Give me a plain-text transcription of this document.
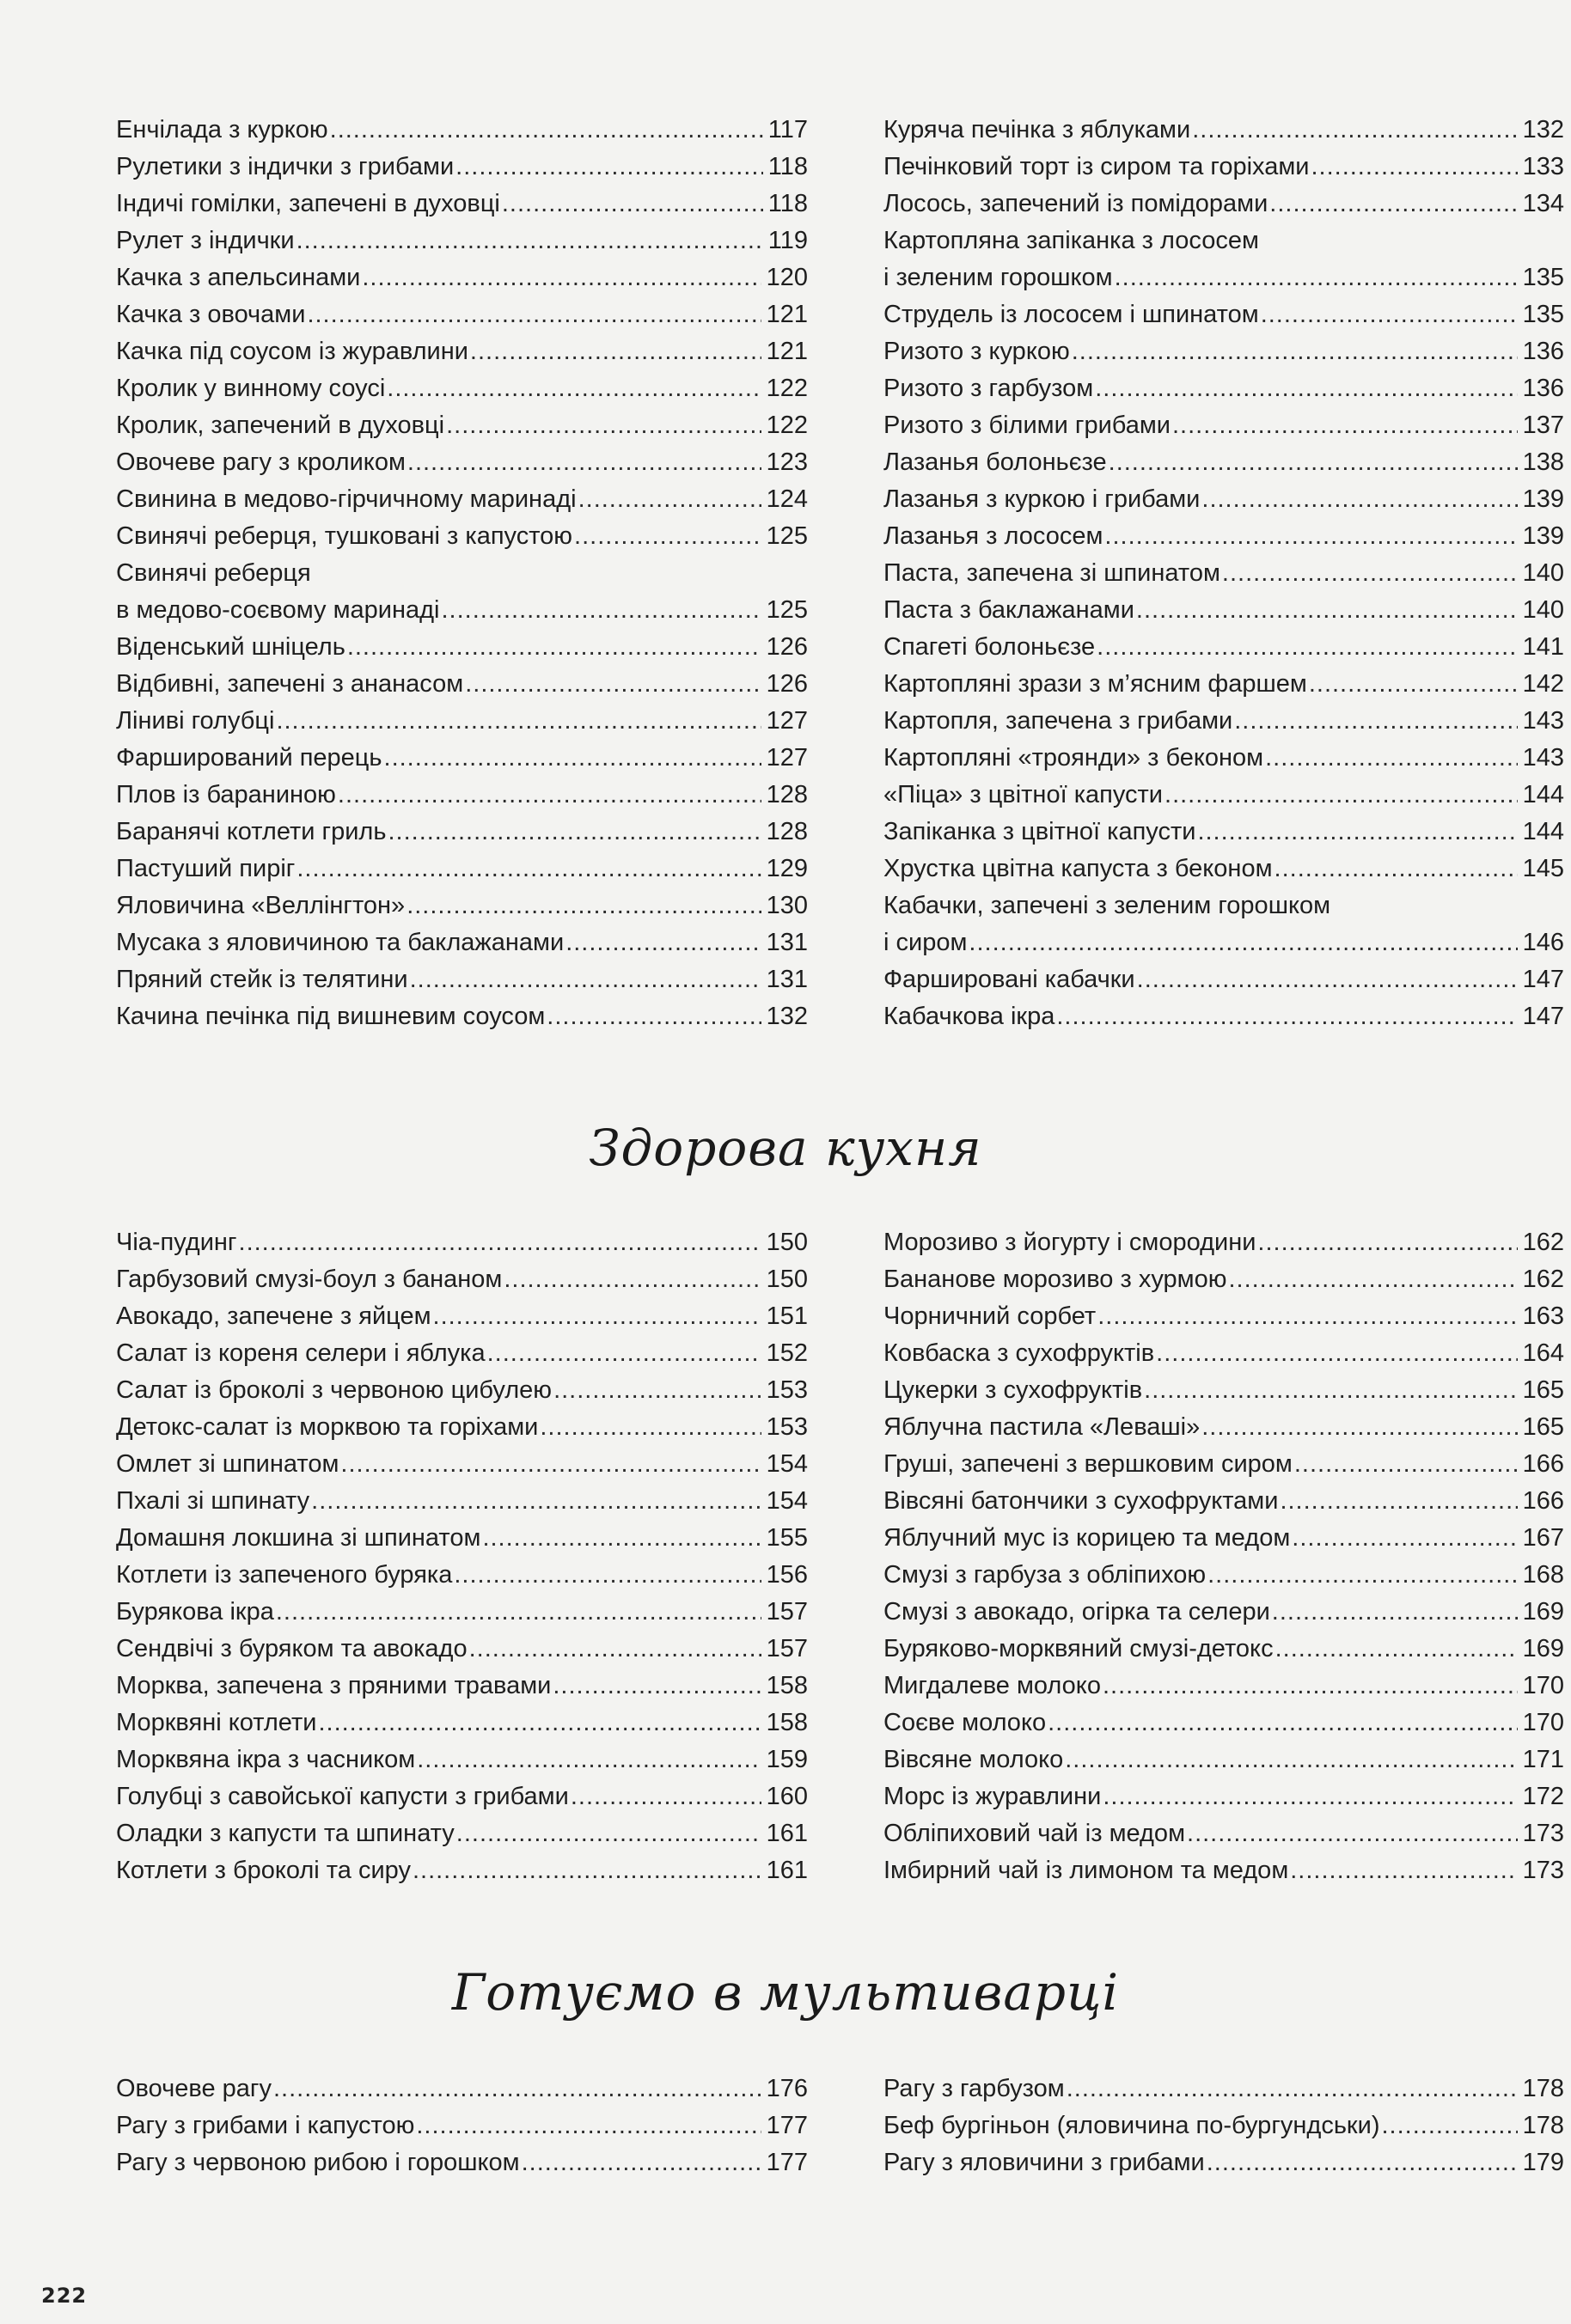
Енчілада з куркою .....	117
Рулетики з індички з грибами .....	118
Індичі гомілки, запечені в духовці .....	118
Рулет з індички .....	119
Качка з апельсинами .....	120
Качка з овочами .....	121
Качка під соусом із журавлини .....	121
Кролик у винному соусі .....	122
Кролик, запечений в духовці .....	122
Овочеве рагу з кроликом .....	123
Свинина в медово-гірчичному маринаді .....	124
Свинячі реберця, тушковані з капустою .....	125
Свинячі реберця
в медово-соєвому маринаді .....	125
Віденський шніцель .....	126
Відбивні, запечені з ананасом .....	126
Ліниві голубці .....	127
Фарширований перець .....	127
Плов із бараниною .....	128
Баранячі котлети гриль .....	128
Пастуший пиріг .....	129
Яловичина «Веллінгтон» .....	130
Мусака з яловичиною та баклажанами .....	131
Пряний стейк із телятини .....	131
Качина печінка під вишневим соусом .....	132
Куряча печінка з яблуками .....	132
Печінковий торт із сиром та горіхами .....	133
Лосось, запечений із помідорами .....	134
Картопляна запіканка з лососем
і зеленим горошком .....	135
Струдель із лососем і шпинатом .....	135
Ризото з куркою .....	136
Ризото з гарбузом .....	136
Ризото з білими грибами .....	137
Лазанья болоньєзе .....	138
Лазанья з куркою і грибами .....	139
Лазанья з лососем .....	139
Паста, запечена зі шпинатом .....	140
Паста з баклажанами .....	140
Спагеті болоньєзе .....	141
Картопляні зрази з м’ясним фаршем .....	142
Картопля, запечена з грибами .....	143
Картопляні «троянди» з беконом .....	143
«Піца» з цвітної капусти .....	144
Запіканка з цвітної капусти .....	144
Хрустка цвітна капуста з беконом .....	145
Кабачки, запечені з зеленим горошком
і сиром .....	146
Фаршировані кабачки .....	147
Кабачкова ікра .....	147
Здорова кухня
Чіа-пудинг .....	150
Гарбузовий смузі-боул з бананом .....	150
Авокадо, запечене з яйцем .....	151
Салат із кореня селери і яблука .....	152
Салат із броколі з червоною цибулею .....	153
Детокс-салат із морквою та горіхами .....	153
Омлет зі шпинатом .....	154
Пхалі зі шпинату .....	154
Домашня локшина зі шпинатом .....	155
Котлети із запеченого буряка .....	156
Бурякова ікра .....	157
Сендвічі з буряком та авокадо .....	157
Морква, запечена з пряними травами .....	158
Морквяні котлети .....	158
Морквяна ікра з часником .....	159
Голубці з савойської капусти з грибами .....	160
Оладки з капусти та шпинату .....	161
Котлети з броколі та сиру .....	161
Морозиво з йогурту і смородини .....	162
Бананове морозиво з хурмою .....	162
Чорничний сорбет .....	163
Ковбаска з сухофруктів .....	164
Цукерки з сухофруктів .....	165
Яблучна пастила «Леваші» .....	165
Груші, запечені з вершковим сиром .....	166
Вівсяні батончики з сухофруктами .....	166
Яблучний мус із корицею та медом .....	167
Смузі з гарбуза з обліпихою .....	168
Смузі з авокадо, огірка та селери .....	169
Буряково-морквяний смузі-детокс .....	169
Мигдалеве молоко .....	170
Соєве молоко .....	170
Вівсяне молоко .....	171
Морс із журавлини .....	172
Обліпиховий чай із медом .....	173
Імбирний чай із лимоном та медом .....	173
Готуємо в мультиварці
Овочеве рагу .....	176
Рагу з грибами і капустою .....	177
Рагу з червоною рибою і горошком .....	177
Рагу з гарбузом .....	178
Беф бургіньон (яловичина по-бургундськи) .....	178
Рагу з яловичини з грибами .....	179
222
